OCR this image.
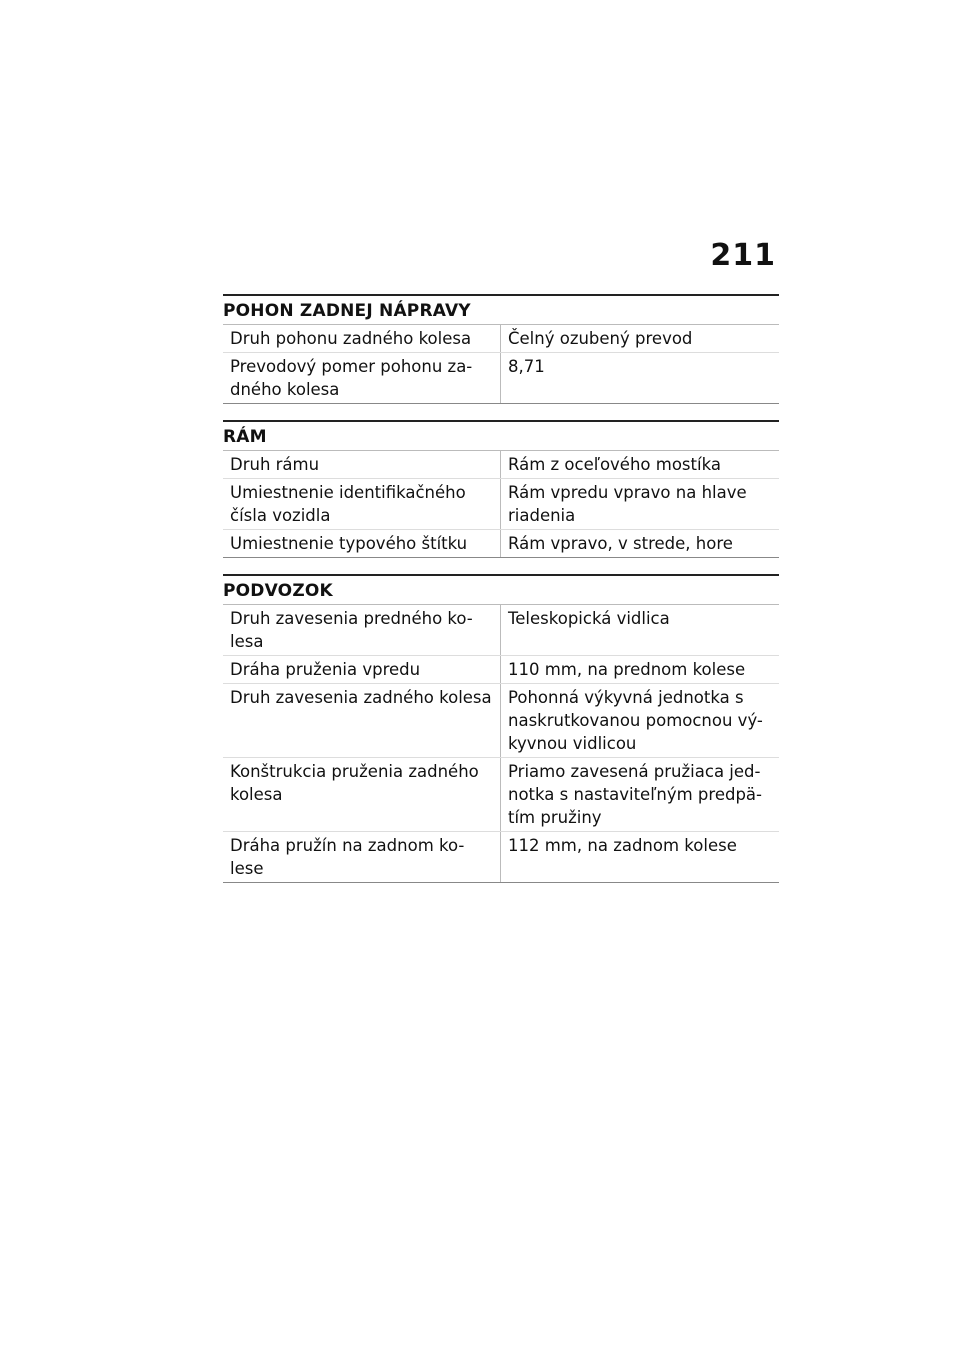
211
POHON ZADNEJ NÁPRAVY
Druh pohonu zadného kolesa	Čelný ozubený prevod
Prevodový pomer pohonu za-
dného kolesa	8,71
RÁM
Druh rámu	Rám z oceľového mostíka
Umiestnenie identifikačného
čísla vozidla	Rám vpredu vpravo na hlave
riadenia
Umiestnenie typového štítku	Rám vpravo, v strede, hore
PODVOZOK
Druh zavesenia predného ko-
lesa	Teleskopická vidlica
Dráha pruženia vpredu	110 mm, na prednom kolese
Druh zavesenia zadného kolesa	Pohonná výkyvná jednotka s
naskrutkovanou pomocnou vý-
kyvnou vidlicou
Konštrukcia pruženia zadného
kolesa	Priamo zavesená pružiaca jed-
notka s nastaviteľným predpä-
tím pružiny
Dráha pružín na zadnom ko-
lese	112 mm, na zadnom kolese
